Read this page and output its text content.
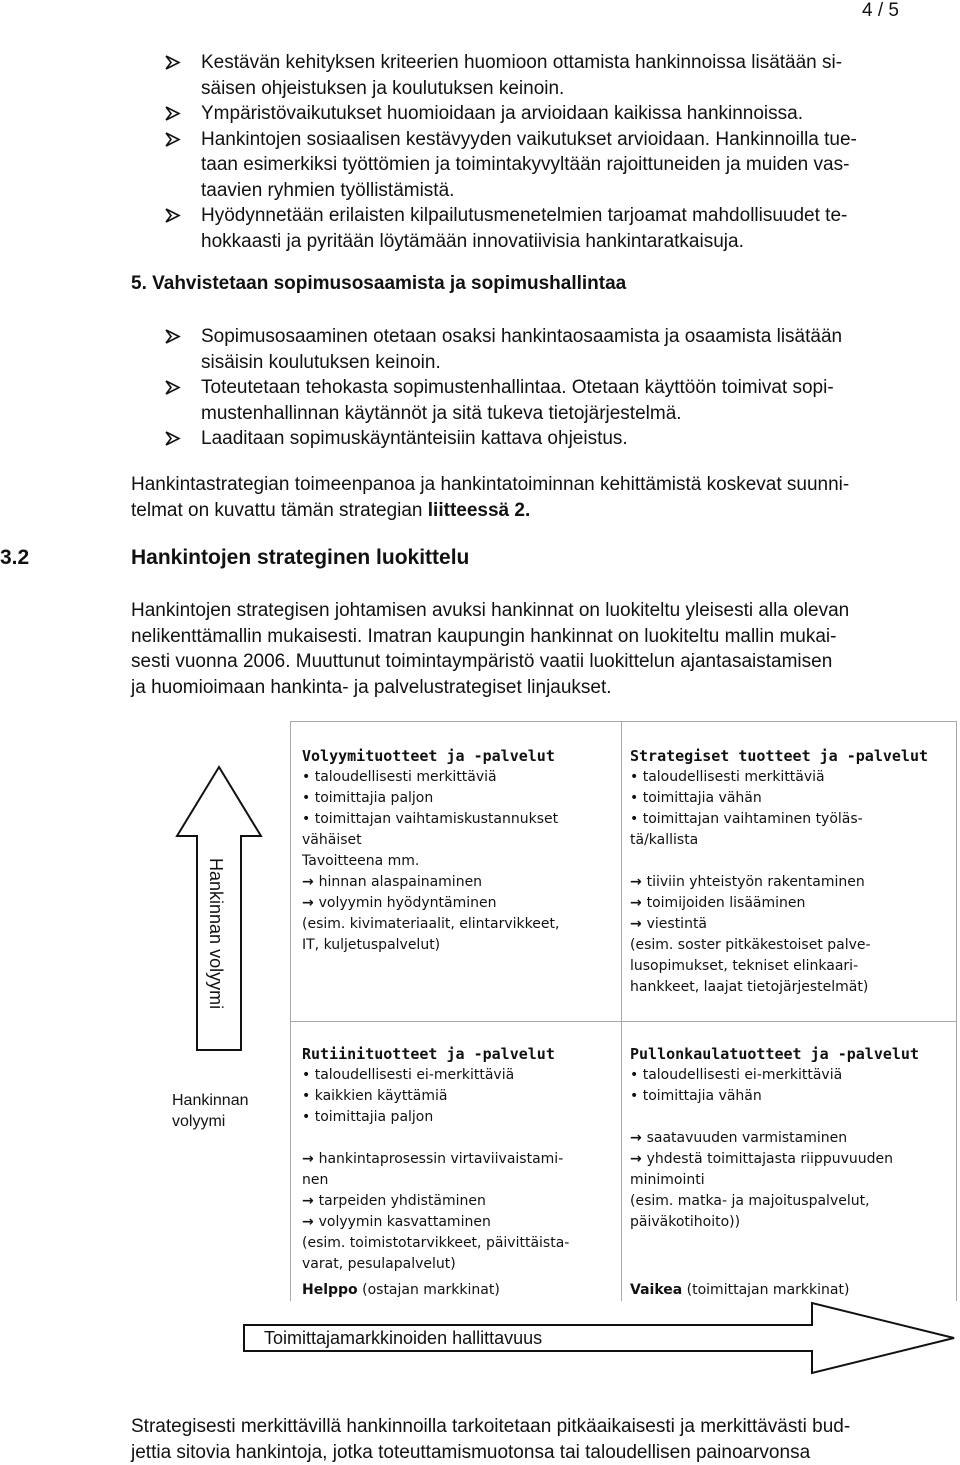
4 / 5
Kestävän kehityksen kriteerien huomioon ottamista hankinnoissa lisätään si-
säisen ohjeistuksen ja koulutuksen keinoin.
Ympäristövaikutukset huomioidaan ja arvioidaan kaikissa hankinnoissa.
Hankintojen sosiaalisen kestävyyden vaikutukset arvioidaan. Hankinnoilla tue-
taan esimerkiksi työttömien ja toimintakyvyltään rajoittuneiden ja muiden vas-
taavien ryhmien työllistämistä.
Hyödynnetään erilaisten kilpailutusmenetelmien tarjoamat mahdollisuudet te-
hokkaasti ja pyritään löytämään innovatiivisia hankintaratkaisuja.
5. Vahvistetaan sopimusosaamista ja sopimushallintaa
Sopimusosaaminen otetaan osaksi hankintaosaamista ja osaamista lisätään
sisäisin koulutuksen keinoin.
Toteutetaan tehokasta sopimustenhallintaa. Otetaan käyttöön toimivat sopi-
mustenhallinnan käytännöt ja sitä tukeva tietojärjestelmä.
Laaditaan sopimuskäyntänteisiin kattava ohjeistus.
Hankintastrategian toimeenpanoa ja hankintatoiminnan kehittämistä koskevat suunni-
telmat on kuvattu tämän strategian liitteessä 2.
3.2	Hankintojen strateginen luokittelu
Hankintojen strategisen johtamisen avuksi hankinnat on luokiteltu yleisesti alla olevan
nelikenttämallin mukaisesti. Imatran kaupungin hankinnat on luokiteltu mallin mukai-
sesti vuonna 2006. Muuttunut toimintaympäristö vaatii luokittelun ajantasaistamisen
ja huomioimaan hankinta- ja palvelustrategiset linjaukset.
Hankinnan volyymi
Hankinnan
volyymi
Volyymituotteet ja -palvelut
• taloudellisesti merkittäviä
• toimittajia paljon
• toimittajan vaihtamiskustannukset
vähäiset
Tavoitteena mm.
→ hinnan alaspainaminen
→ volyymin hyödyntäminen
(esim. kivimateriaalit, elintarvikkeet,
IT, kuljetuspalvelut)
Strategiset tuotteet ja -palvelut
• taloudellisesti merkittäviä
• toimittajia vähän
• toimittajan vaihtaminen työläs-
tä/kallista
→ tiiviin yhteistyön rakentaminen
→ toimijoiden lisääminen
→ viestintä
(esim. soster pitkäkestoiset palve-
lusopimukset, tekniset elinkaari-
hankkeet, laajat tietojärjestelmät)
Rutiinituotteet ja -palvelut
• taloudellisesti ei-merkittäviä
• kaikkien käyttämiä
• toimittajia paljon
→ hankintaprosessin virtaviivaistami-
nen
→ tarpeiden yhdistäminen
→ volyymin kasvattaminen
(esim. toimistotarvikkeet, päivittäista-
varat, pesulapalvelut)
Helppo (ostajan markkinat)
Pullonkaulatuotteet ja -palvelut
• taloudellisesti ei-merkittäviä
• toimittajia vähän
→ saatavuuden varmistaminen
→ yhdestä toimittajasta riippuvuuden
minimointi
(esim. matka- ja majoituspalvelut,
päiväkotihoito))
Vaikea (toimittajan markkinat)
Toimittajamarkkinoiden hallittavuus
Strategisesti merkittävillä hankinnoilla tarkoitetaan pitkäaikaisesti ja merkittävästi bud-
jettia sitovia hankintoja, jotka toteuttamismuotonsa tai taloudellisen painoarvonsa
